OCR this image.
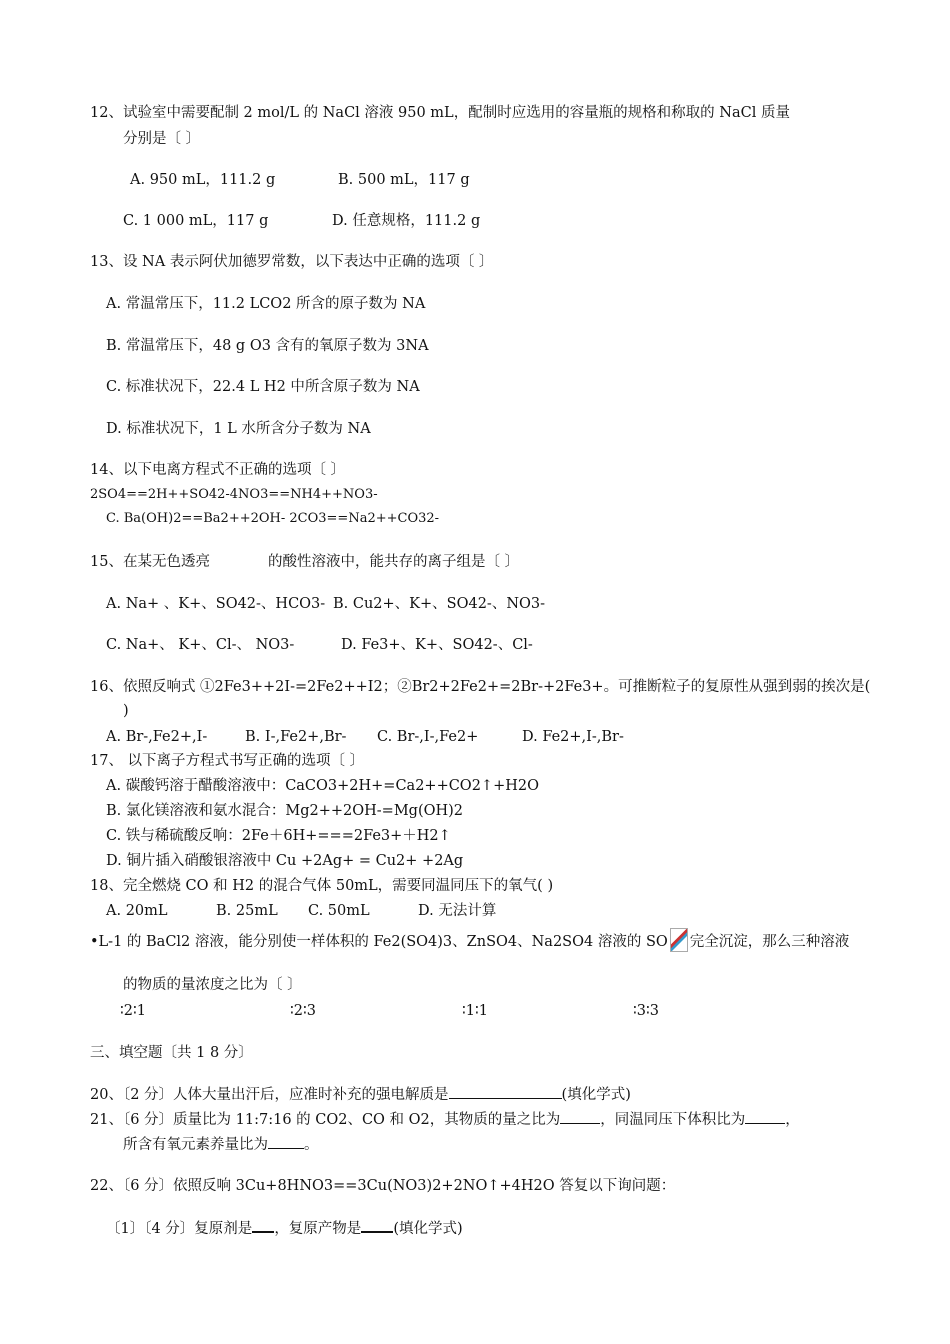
12、试验室中需要配制 2 mol/L 的 NaCl 溶液 950 mL，配制时应选用的容量瓶的规格和称取的 NaCl 质量
分别是〔 〕
A. 950 mL，111.2 g	B. 500 mL，117 g
C. 1 000 mL，117 g	D. 任意规格，111.2 g
13、设 NA 表示阿伏加德罗常数，以下表达中正确的选项〔 〕
A. 常温常压下，11.2 LCO2 所含的原子数为 NA
B. 常温常压下，48 g O3 含有的氧原子数为 3NA
C. 标准状况下，22.4 L H2 中所含原子数为 NA
D. 标准状况下，1 L 水所含分子数为 NA
14、以下电离方程式不正确的选项〔 〕
2SO4==2H++SO42-4NO3==NH4++NO3-
C. Ba(OH)2==Ba2++2OH- 2CO3==Na2++CO32-
15、在某无色透亮	的酸性溶液中，能共存的离子组是〔 〕
A. Na+ 、K+、SO42-、HCO3- B. Cu2+、K+、SO42-、NO3-
C. Na+、 K+、Cl-、 NO3-	D. Fe3+、K+、SO42-、Cl-
16、依照反响式 ①2Fe3++2I-=2Fe2++I2；②Br2+2Fe2+=2Br-+2Fe3+。可推断粒子的复原性从强到弱的挨次是(
)
A. Br-,Fe2+,I-	B. I-,Fe2+,Br- C. Br-,I-,Fe2+	D. Fe2+,I-,Br-
17、 以下离子方程式书写正确的选项〔 〕
A. 碳酸钙溶于醋酸溶液中：CaCO3+2H+=Ca2++CO2↑+H2O
B. 氯化镁溶液和氨水混合：Mg2++2OH-=Mg(OH)2
C. 铁与稀硫酸反响：2Fe＋6H+===2Fe3+＋H2↑
D. 铜片插入硝酸银溶液中 Cu +2Ag+ = Cu2+ +2Ag
18、完全燃烧 CO 和 H2 的混合气体 50mL，需要同温同压下的氧气( )
A. 20mL	B. 25mL C. 50mL	D. 无法计算
•L-1 的 BaCl2 溶液，能分别使一样体积的 Fe2(SO4)3、ZnSO4、Na2SO4 溶液的 SO 完全沉淀，那么三种溶液
的物质的量浓度之比为〔 〕
∶2∶1	∶2∶3	∶1∶1	∶3∶3
三、填空题〔共 1 8 分〕
20、〔2 分〕人体大量出汗后，应准时补充的强电解质是	(填化学式)
21、〔6 分〕质量比为 11:7:16 的 CO2、CO 和 O2，其物质的量之比为	，同温同压下体积比为	，
所含有氧元素养量比为 。
22、〔6 分〕依照反响 3Cu+8HNO3==3Cu(NO3)2+2NO↑+4H2O 答复以下询问题：
〔1〕〔4 分〕复原剂是 ，复原产物是 (填化学式)
